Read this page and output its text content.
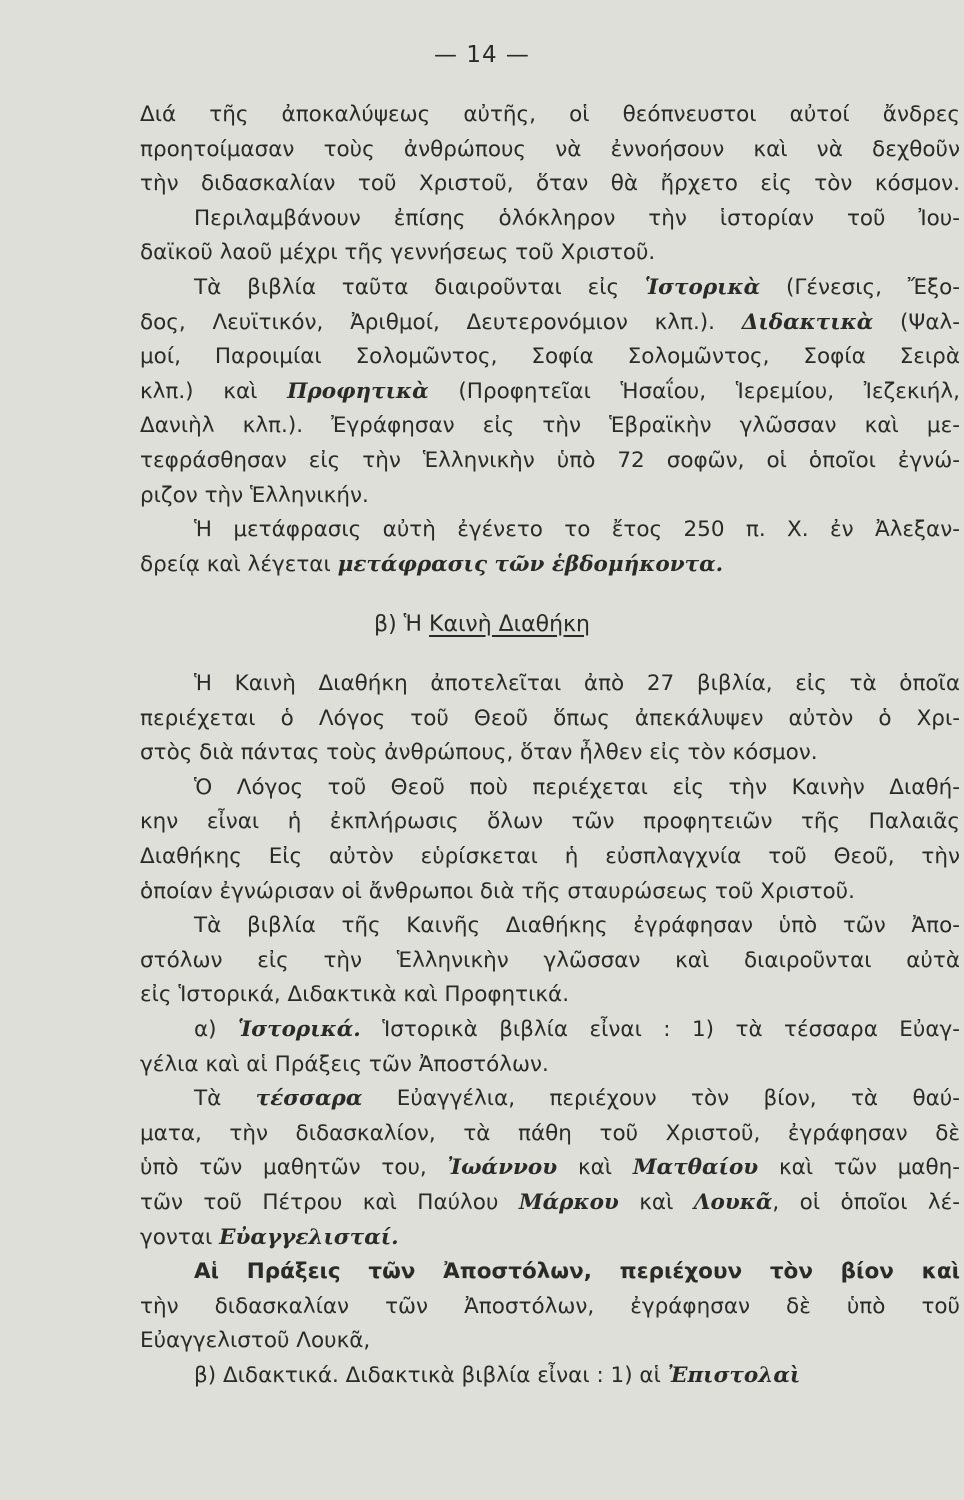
— 14 —
Διά τῆς ἀποκαλύψεως αὐτῆς, οἱ θεόπνευστοι αὐτοί ἄνδρες
προητοίμασαν τοὺς ἀνθρώπους νὰ ἐννοήσουν καὶ νὰ δεχθοῦν
τὴν διδασκαλίαν τοῦ Χριστοῦ, ὅταν θὰ ἤρχετο εἰς τὸν κόσμον.
Περιλαμβάνουν ἐπίσης ὁλόκληρον τὴν ἱστορίαν τοῦ Ἰου-
δαϊκοῦ λαοῦ μέχρι τῆς γεννήσεως τοῦ Χριστοῦ.
Τὰ βιβλία ταῦτα διαιροῦνται εἰς Ἱστορικὰ (Γένεσις, Ἔξο-
δος, Λευϊτικόν, Ἀριθμοί, Δευτερονόμιον κλπ.). Διδακτικὰ (Ψαλ-
μοί, Παροιμίαι Σολομῶντος, Σοφία Σολομῶντος, Σοφία Σειρὰ
κλπ.) καὶ Προφητικὰ (Προφητεῖαι Ἡσαΐου, Ἱερεμίου, Ἰεζεκιήλ,
Δανιὴλ κλπ.). Ἐγράφησαν εἰς τὴν Ἑβραϊκὴν γλῶσσαν καὶ με-
τεφράσθησαν εἰς τὴν Ἑλληνικὴν ὑπὸ 72 σοφῶν, οἱ ὁποῖοι ἐγνώ-
ριζον τὴν Ἑλληνικήν.
Ἡ μετάφρασις αὐτὴ ἐγένετο το ἔτος 250 π. Χ. ἐν Ἀλεξαν-
δρείᾳ καὶ λέγεται μετάφρασις τῶν ἑβδομήκοντα.
β) Ἡ Καινὴ Διαθήκη
Ἡ Καινὴ Διαθήκη ἀποτελεῖται ἀπὸ 27 βιβλία, εἰς τὰ ὁποῖα
περιέχεται ὁ Λόγος τοῦ Θεοῦ ὅπως ἀπεκάλυψεν αὐτὸν ὁ Χρι-
στὸς διὰ πάντας τοὺς ἀνθρώπους, ὅταν ἦλθεν εἰς τὸν κόσμον.
Ὁ Λόγος τοῦ Θεοῦ ποὺ περιέχεται εἰς τὴν Καινὴν Διαθή-
κην εἶναι ἡ ἐκπλήρωσις ὅλων τῶν προφητειῶν τῆς Παλαιᾶς
Διαθήκης Εἰς αὐτὸν εὑρίσκεται ἡ εὐσπλαγχνία τοῦ Θεοῦ, τὴν
ὁποίαν ἐγνώρισαν οἱ ἄνθρωποι διὰ τῆς σταυρώσεως τοῦ Χριστοῦ.
Τὰ βιβλία τῆς Καινῆς Διαθήκης ἐγράφησαν ὑπὸ τῶν Ἀπο-
στόλων εἰς τὴν Ἑλληνικὴν γλῶσσαν καὶ διαιροῦνται αὐτὰ
εἰς Ἱστορικά, Διδακτικὰ καὶ Προφητικά.
α) Ἱστορικά. Ἱστορικὰ βιβλία εἶναι : 1) τὰ τέσσαρα Εὐαγ-
γέλια καὶ αἱ Πράξεις τῶν Ἀποστόλων.
Τὰ τέσσαρα Εὐαγγέλια, περιέχουν τὸν βίον, τὰ θαύ-
ματα, τὴν διδασκαλίον, τὰ πάθη τοῦ Χριστοῦ, ἐγράφησαν δὲ
ὑπὸ τῶν μαθητῶν του, Ἰωάννου καὶ Ματθαίου καὶ τῶν μαθη-
τῶν τοῦ Πέτρου καὶ Παύλου Μάρκου καὶ Λουκᾶ, οἱ ὁποῖοι λέ-
γονται Εὐαγγελισταί.
Αἱ Πράξεις τῶν Ἀποστόλων, περιέχουν τὸν βίον καὶ
τὴν διδασκαλίαν τῶν Ἀποστόλων, ἐγράφησαν δὲ ὑπὸ τοῦ
Εὐαγγελιστοῦ Λουκᾶ,
β) Διδακτικά. Διδακτικὰ βιβλία εἶναι : 1) αἱ Ἐπιστολαὶ
